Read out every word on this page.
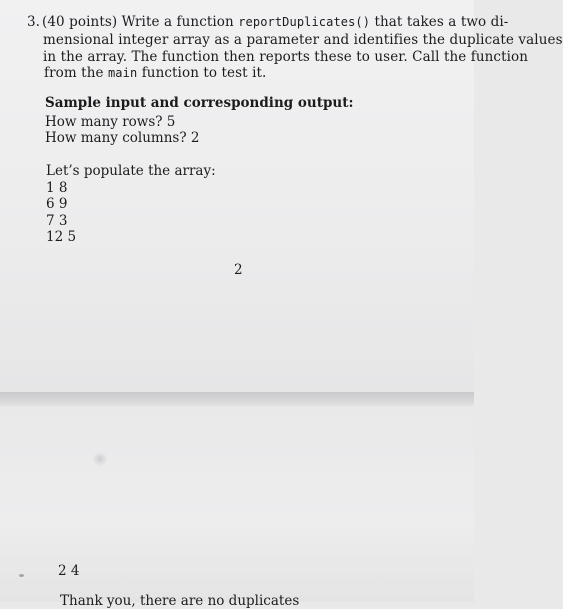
3. (40 points) Write a function reportDuplicates() that takes a two di-
mensional integer array as a parameter and identifies the duplicate values
in the array. The function then reports these to user. Call the function
from the main function to test it.
Sample input and corresponding output:
How many rows? 5
How many columns? 2
Let’s populate the array:
1 8
6 9
7 3
12 5
2
2 4
Thank you, there are no duplicates
